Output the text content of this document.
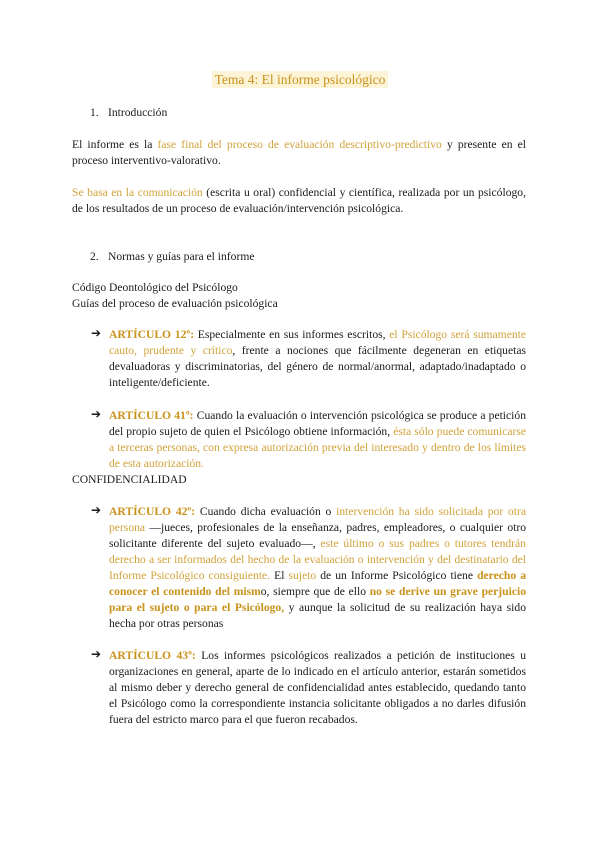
Tema 4: El informe psicológico
1. Introducción
El informe es la fase final del proceso de evaluación descriptivo-predictivo y presente en el proceso interventivo-valorativo.
Se basa en la comunicación (escrita u oral) confidencial y científica, realizada por un psicólogo, de los resultados de un proceso de evaluación/intervención psicológica.
2. Normas y guías para el informe
Código Deontológico del Psicólogo
Guías del proceso de evaluación psicológica
➔ ARTÍCULO 12º: Especialmente en sus informes escritos, el Psicólogo será sumamente cauto, prudente y crítico, frente a nociones que fácilmente degeneran en etiquetas devaluadoras y discriminatorias, del género de normal/anormal, adaptado/inadaptado o inteligente/deficiente.
➔ ARTÍCULO 41º: Cuando la evaluación o intervención psicológica se produce a petición del propio sujeto de quien el Psicólogo obtiene información, ésta sólo puede comunicarse a terceras personas, con expresa autorización previa del interesado y dentro de los límites de esta autorización.
CONFIDENCIALIDAD
➔ ARTÍCULO 42º: Cuando dicha evaluación o intervención ha sido solicitada por otra persona —jueces, profesionales de la enseñanza, padres, empleadores, o cualquier otro solicitante diferente del sujeto evaluado—, este último o sus padres o tutores tendrán derecho a ser informados del hecho de la evaluación o intervención y del destinatario del Informe Psicológico consiguiente. El sujeto de un Informe Psicológico tiene derecho a conocer el contenido del mismo, siempre que de ello no se derive un grave perjuicio para el sujeto o para el Psicólogo, y aunque la solicitud de su realización haya sido hecha por otras personas
➔ ARTÍCULO 43º: Los informes psicológicos realizados a petición de instituciones u organizaciones en general, aparte de lo indicado en el artículo anterior, estarán sometidos al mismo deber y derecho general de confidencialidad antes establecido, quedando tanto el Psicólogo como la correspondiente instancia solicitante obligados a no darles difusión fuera del estricto marco para el que fueron recabados.
